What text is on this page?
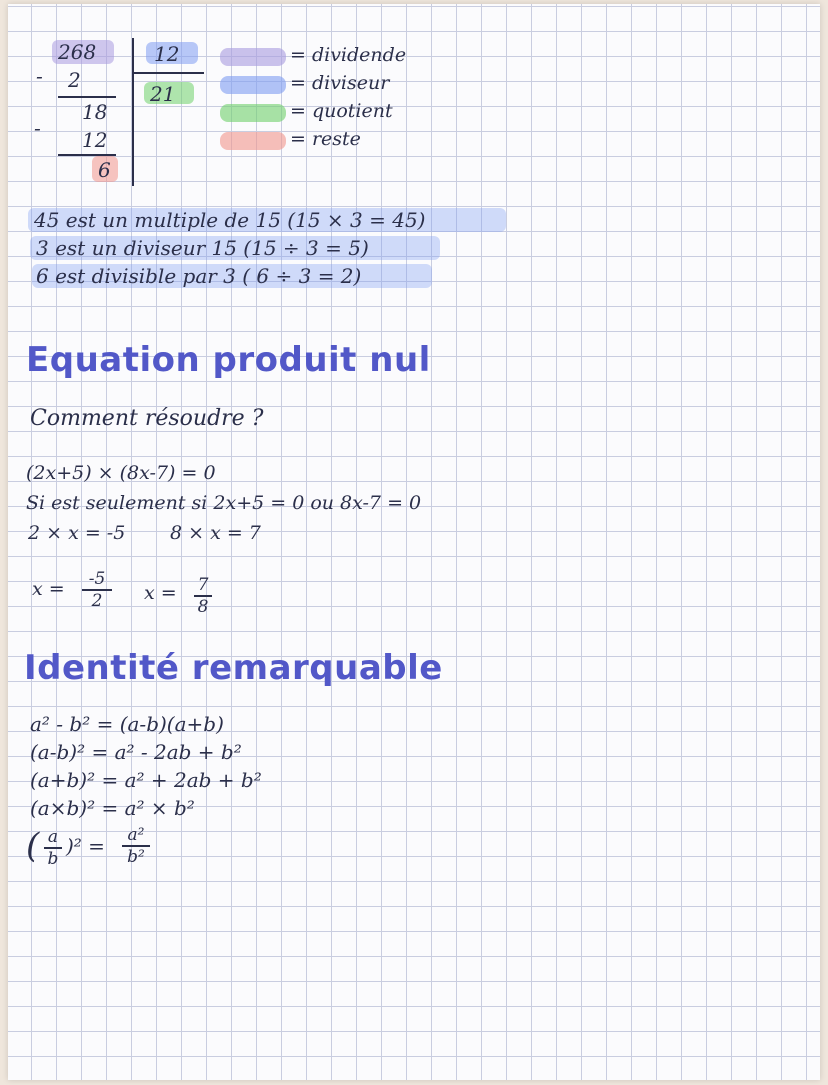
268	12
21
- 2
18
- 12
6
= dividende
= diviseur
= quotient
= reste
45 est un multiple de 15 (15 × 3 = 45)
3 est un diviseur 15 (15 ÷ 3 = 5)
6 est divisible par 3 ( 6 ÷ 3 = 2)
Equation produit nul
Comment résoudre ?
(2x+5) × (8x-7) = 0
Si est seulement si 2x+5 = 0 ou 8x-7 = 0
2 × x = -5 8 × x = 7
x = -5
2 x = 7
8
Identité remarquable
a² - b² = (a-b)(a+b)
(a-b)² = a² - 2ab + b²
(a+b)² = a² + 2ab + b²
(a×b)² = a² × b²
( a
b
)² = a²
b²
